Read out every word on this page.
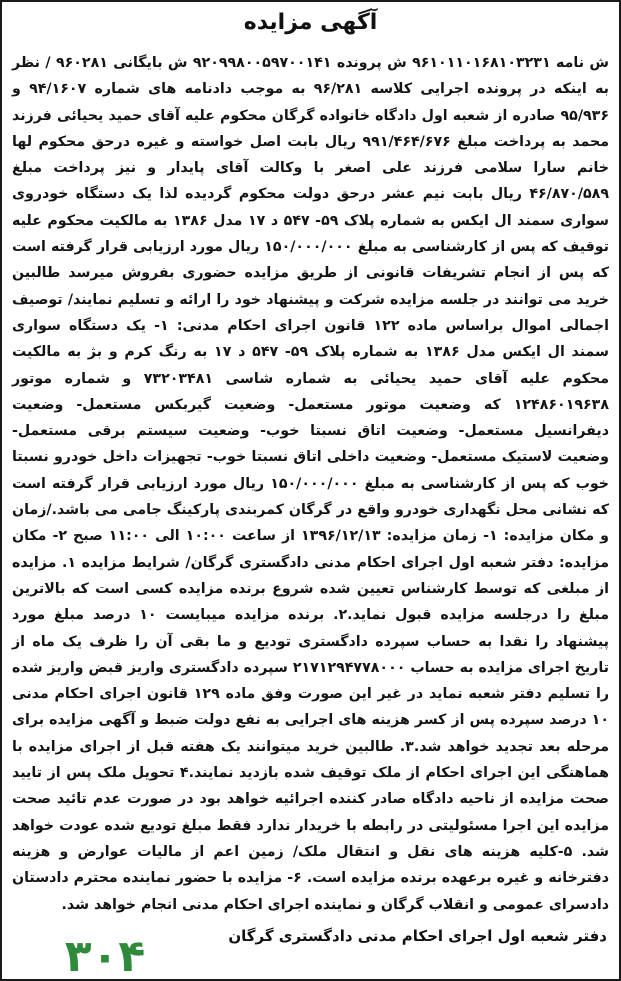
آگهی مزایده
ش نامه ۹۶۱۰۱۱۰۱۶۸۱۰۳۲۳۱ ش پرونده ۹۲۰۹۹۸۰۰۵۹۷۰۰۱۴۱ ش بایگانی ۹۶۰۲۸۱ / نظر به اینکه در پرونده اجرایی کلاسه ۹۶/۲۸۱ به موجب دادنامه های شماره ۹۴/۱۶۰۷ و ۹۵/۹۳۶ صادره از شعبه اول دادگاه خانواده گرگان محکوم علیه آقای حمید یحیائی فرزند محمد به پرداخت مبلغ ۹۹۱/۴۶۴/۶۷۶ ریال بابت اصل خواسته و غیره درحق محکوم لها خانم سارا سلامی فرزند علی اصغر با وکالت آقای پایدار و نیز پرداخت مبلغ ۴۶/۸۷۰/۵۸۹ ریال بابت نیم عشر درحق دولت محکوم گردیده لذا یک دستگاه خودروی سواری سمند ال ایکس به شماره پلاک ۵۹- ۵۴۷ د ۱۷ مدل ۱۳۸۶ به مالکیت محکوم علیه توقیف که پس از کارشناسی به مبلغ ۱۵۰/۰۰۰/۰۰۰ ریال مورد ارزیابی قرار گرفته است که پس از انجام تشریفات قانونی از طریق مزایده حضوری بفروش میرسد طالبین خرید می توانند در جلسه مزایده شرکت و پیشنهاد خود را ارائه و تسلیم نمایند/ توصیف اجمالی اموال براساس ماده ۱۲۲ قانون اجرای احکام مدنی: ۱- یک دستگاه سواری سمند ال ایکس مدل ۱۳۸۶ به شماره پلاک ۵۹- ۵۴۷ د ۱۷ به رنگ کرم و بژ به مالکیت محکوم علیه آقای حمید یحیائی به شماره شاسی ۷۳۲۰۳۴۸۱ و شماره موتور ۱۲۴۸۶۰۱۹۶۳۸ که وضعیت موتور مستعمل- وضعیت گیربکس مستعمل- وضعیت دیفرانسیل مستعمل- وضعیت اتاق نسبتا خوب- وضعیت سیستم برقی مستعمل- وضعیت لاستیک مستعمل- وضعیت داخلی اتاق نسبتا خوب- تجهیزات داخل خودرو نسبتا خوب که پس از کارشناسی به مبلغ ۱۵۰/۰۰۰/۰۰۰ ریال مورد ارزیابی قرار گرفته است که نشانی محل نگهداری خودرو واقع در گرگان کمربندی پارکینگ جامی می باشد./زمان و مکان مزایده: ۱- زمان مزایده: ۱۳۹۶/۱۲/۱۳ از ساعت ۱۰:۰۰ الی ۱۱:۰۰ صبح ۲- مکان مزایده: دفتر شعبه اول اجرای احکام مدنی دادگستری گرگان/ شرایط مزایده ۱. مزایده از مبلغی که توسط کارشناس تعیین شده شروع برنده مزایده کسی است که بالاترین مبلغ را درجلسه مزایده قبول نماید.۲. برنده مزایده میبایست ۱۰ درصد مبلغ مورد پیشنهاد را نقدا به حساب سپرده دادگستری تودیع و ما بقی آن را ظرف یک ماه از تاریخ اجرای مزایده به حساب ۲۱۷۱۲۹۴۷۷۸۰۰۰ سپرده دادگستری واریز قبض واریز شده را تسلیم دفتر شعبه نماید در غیر این صورت وفق ماده ۱۲۹ قانون اجرای احکام مدنی ۱۰ درصد سپرده پس از کسر هزینه های اجرایی به نفع دولت ضبط و آگهی مزایده برای مرحله بعد تجدید خواهد شد.۳. طالبین خرید میتوانند یک هفته قبل از اجرای مزایده با هماهنگی این اجرای احکام از ملک توقیف شده بازدید نمایند.۴ تحویل ملک پس از تایید صحت مزایده از ناحیه دادگاه صادر کننده اجرائیه خواهد بود در صورت عدم تائید صحت مزایده این اجرا مسئولیتی در رابطه با خریدار ندارد فقط مبلغ تودیع شده عودت خواهد شد. ۵-کلیه هزینه های نقل و انتقال ملک/ زمین اعم از مالیات عوارض و هزینه دفترخانه و غیره برعهده برنده مزایده است. ۶- مزایده با حضور نماینده محترم دادستان دادسرای عمومی و انقلاب گرگان و نماینده اجرای احکام مدنی انجام خواهد شد.
دفتر شعبه اول اجرای احکام مدنی دادگستری گرگان
۳۰۴
